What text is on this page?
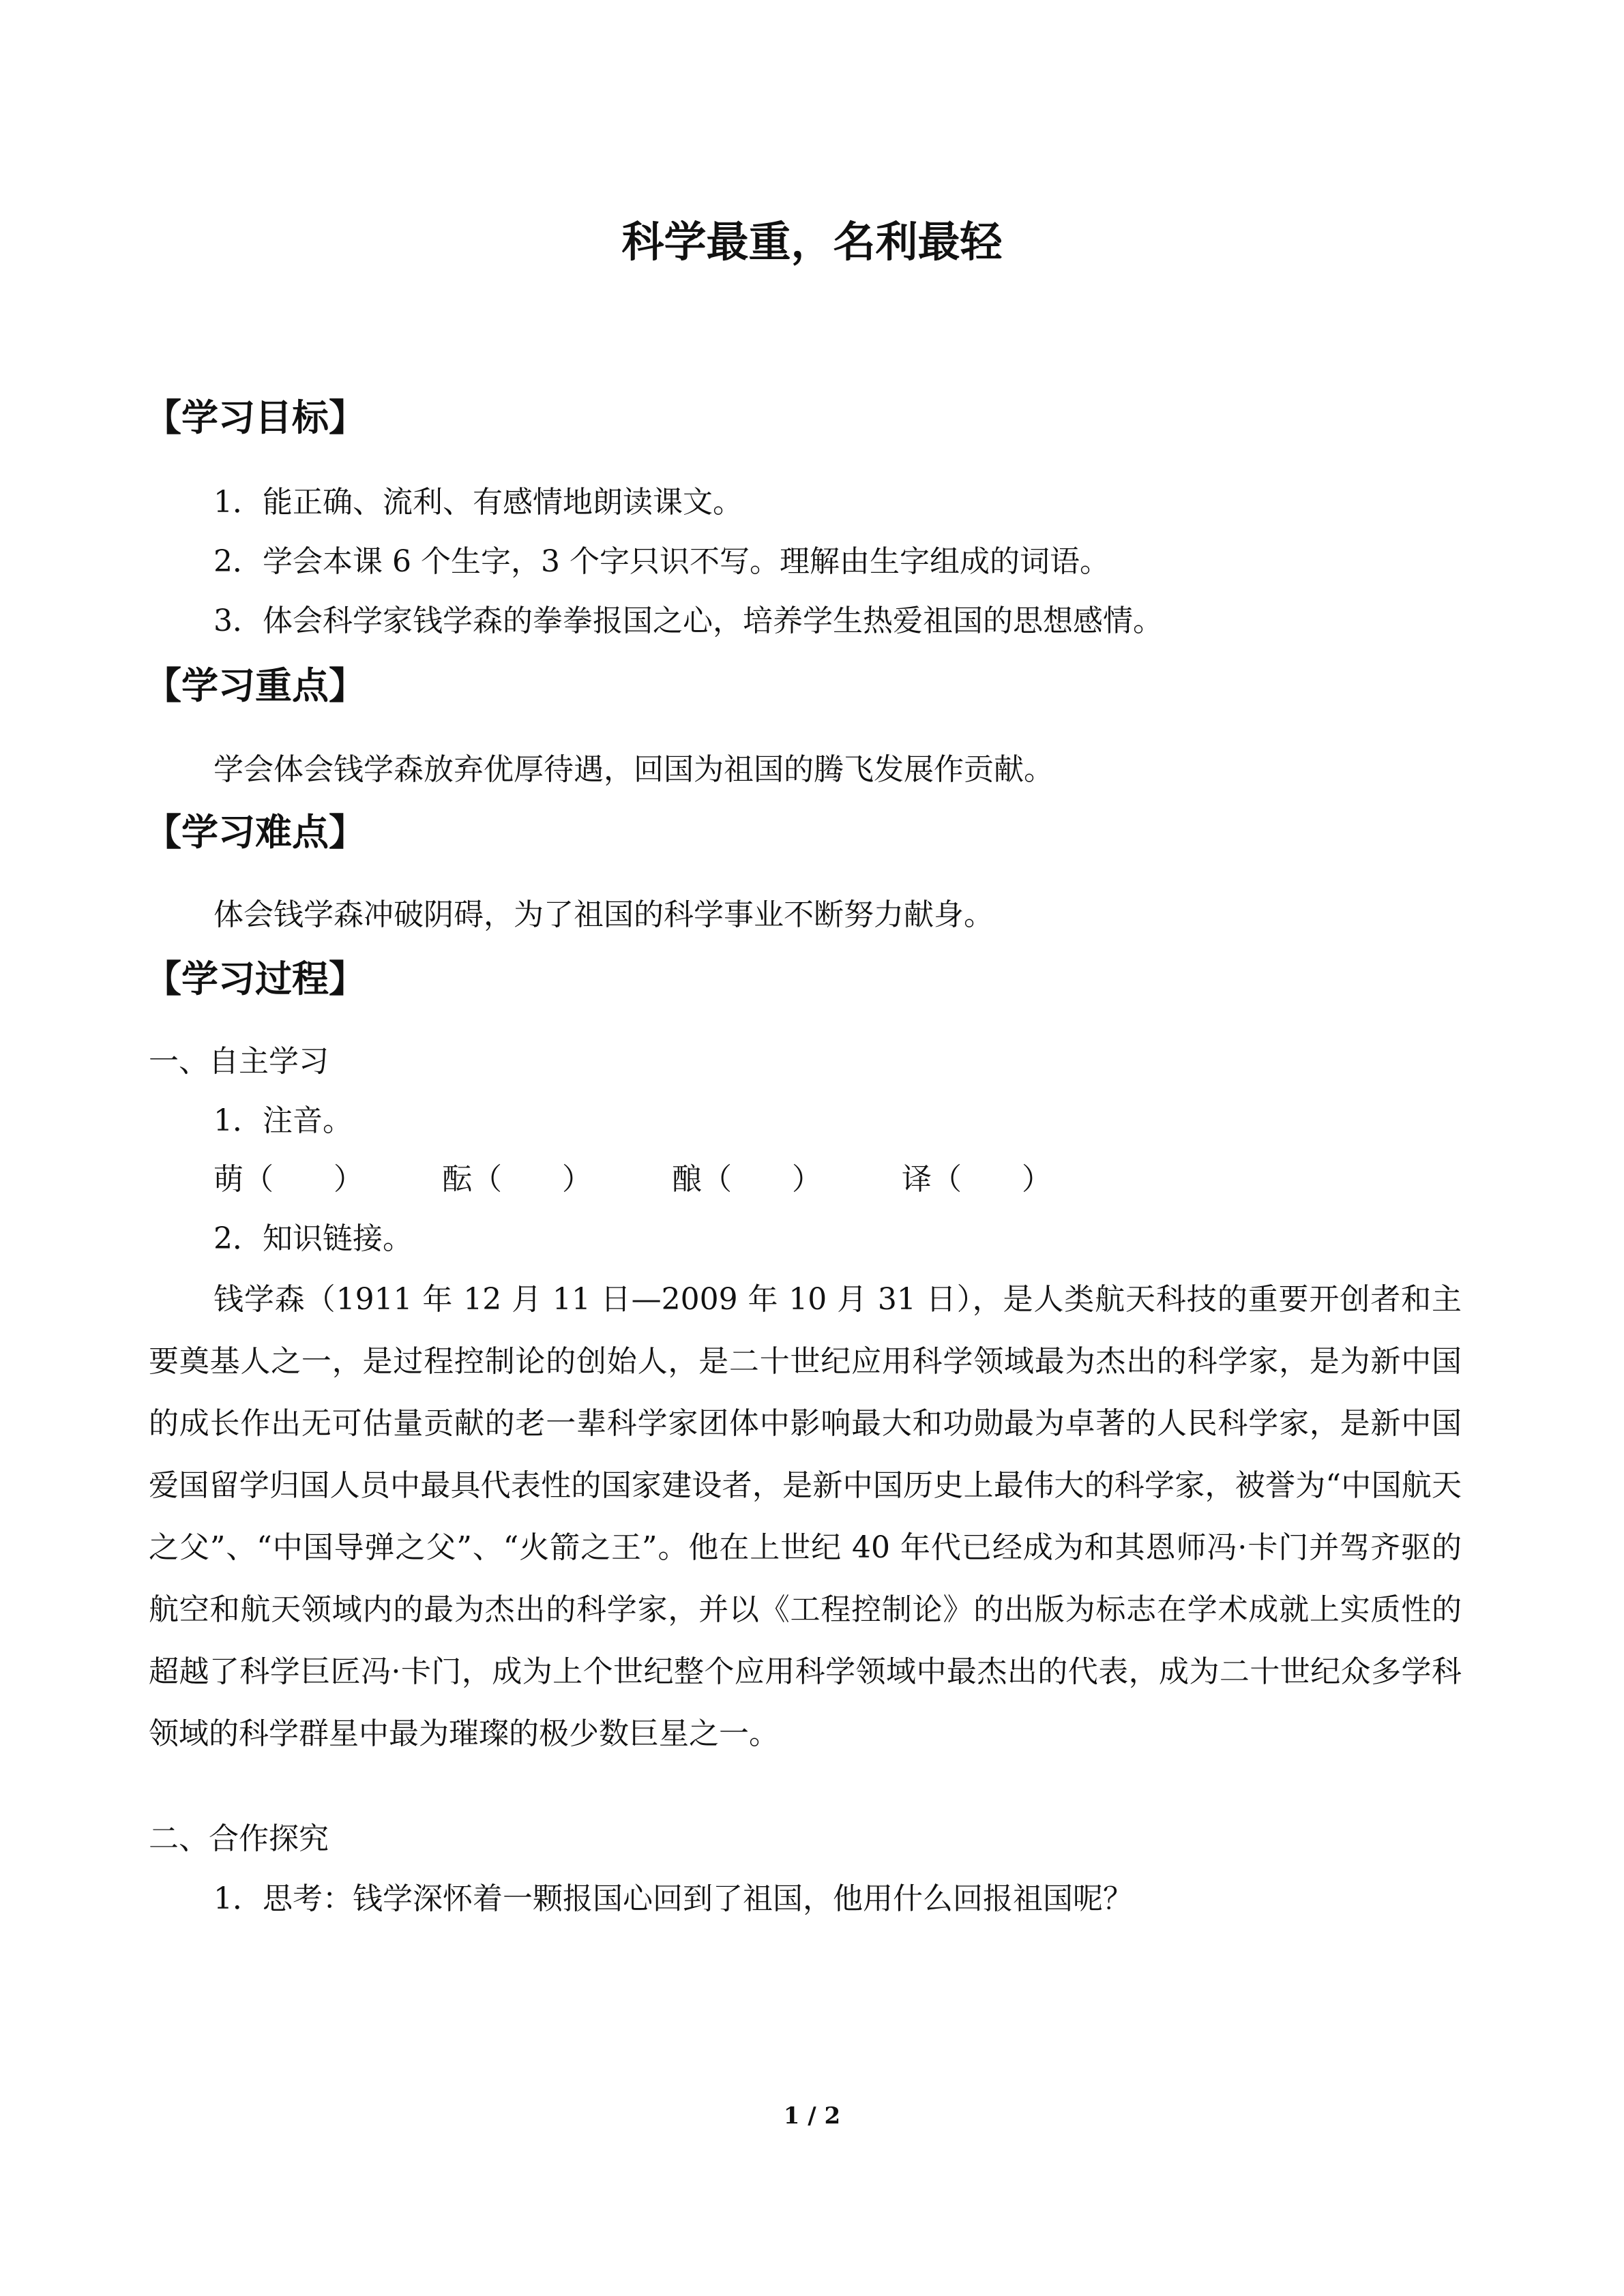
科学最重，名利最轻
【学习目标】
1．能正确、流利、有感情地朗读课文。
2．学会本课 6 个生字，3 个字只识不写。理解由生字组成的词语。
3．体会科学家钱学森的拳拳报国之心，培养学生热爱祖国的思想感情。
【学习重点】
学会体会钱学森放弃优厚待遇，回国为祖国的腾飞发展作贡献。
【学习难点】
体会钱学森冲破阴碍，为了祖国的科学事业不断努力献身。
【学习过程】
一、自主学习
1．注音。
萌（　　）	酝（　　）	酿（　　）	译（　　）
2．知识链接。
钱学森（1911 年 12 月 11 日—2009 年 10 月 31 日），是人类航天科技的重要开创者和主要奠基人之一，是过程控制论的创始人，是二十世纪应用科学领域最为杰出的科学家，是为新中国的成长作出无可估量贡献的老一辈科学家团体中影响最大和功勋最为卓著的人民科学家，是新中国爱国留学归国人员中最具代表性的国家建设者，是新中国历史上最伟大的科学家，被誉为“中国航天之父”、“中国导弹之父”、“火箭之王”。他在上世纪 40 年代已经成为和其恩师冯·卡门并驾齐驱的航空和航天领域内的最为杰出的科学家，并以《工程控制论》的出版为标志在学术成就上实质性的超越了科学巨匠冯·卡门，成为上个世纪整个应用科学领域中最杰出的代表，成为二十世纪众多学科领域的科学群星中最为璀璨的极少数巨星之一。
二、合作探究
1．思考：钱学深怀着一颗报国心回到了祖国，他用什么回报祖国呢？
1 / 2
